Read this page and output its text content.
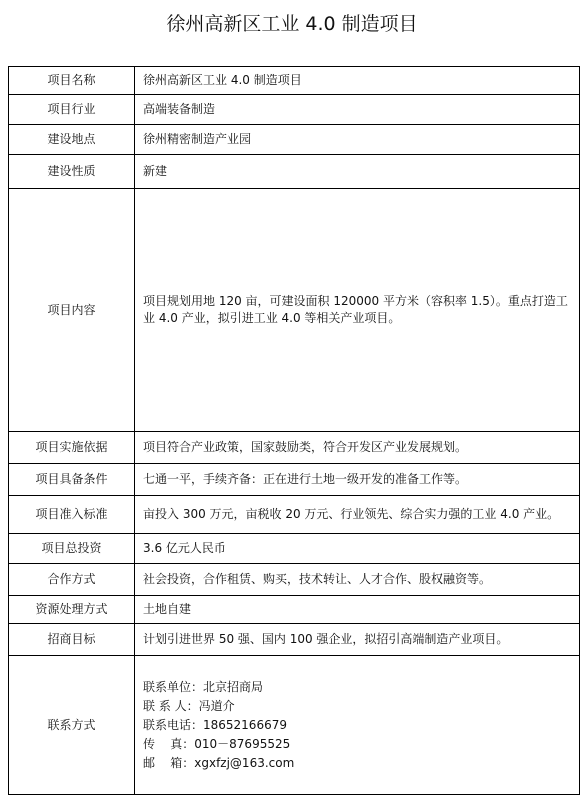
徐州高新区工业 4.0 制造项目
项目名称	徐州高新区工业 4.0 制造项目
项目行业	高端装备制造
建设地点	徐州精密制造产业园
建设性质	新建
项目内容	项目规划用地 120 亩，可建设面积 120000 平方米（容积率 1.5）。重点打造工业 4.0 产业，拟引进工业 4.0 等相关产业项目。
项目实施依据	项目符合产业政策，国家鼓励类，符合开发区产业发展规划。
项目具备条件	七通一平，手续齐备：正在进行土地一级开发的准备工作等。
项目准入标准	亩投入 300 万元，亩税收 20 万元、行业领先、综合实力强的工业 4.0 产业。
项目总投资	3.6 亿元人民币
合作方式	社会投资，合作租赁、购买，技术转让、人才合作、股权融资等。
资源处理方式	土地自建
招商目标	计划引进世界 50 强、国内 100 强企业，拟招引高端制造产业项目。
联系方式	联系单位：北京招商局
联 系 人：冯道介
联系电话：18652166679
传    真：010－87695525
邮    箱：xgxfzj@163.com
